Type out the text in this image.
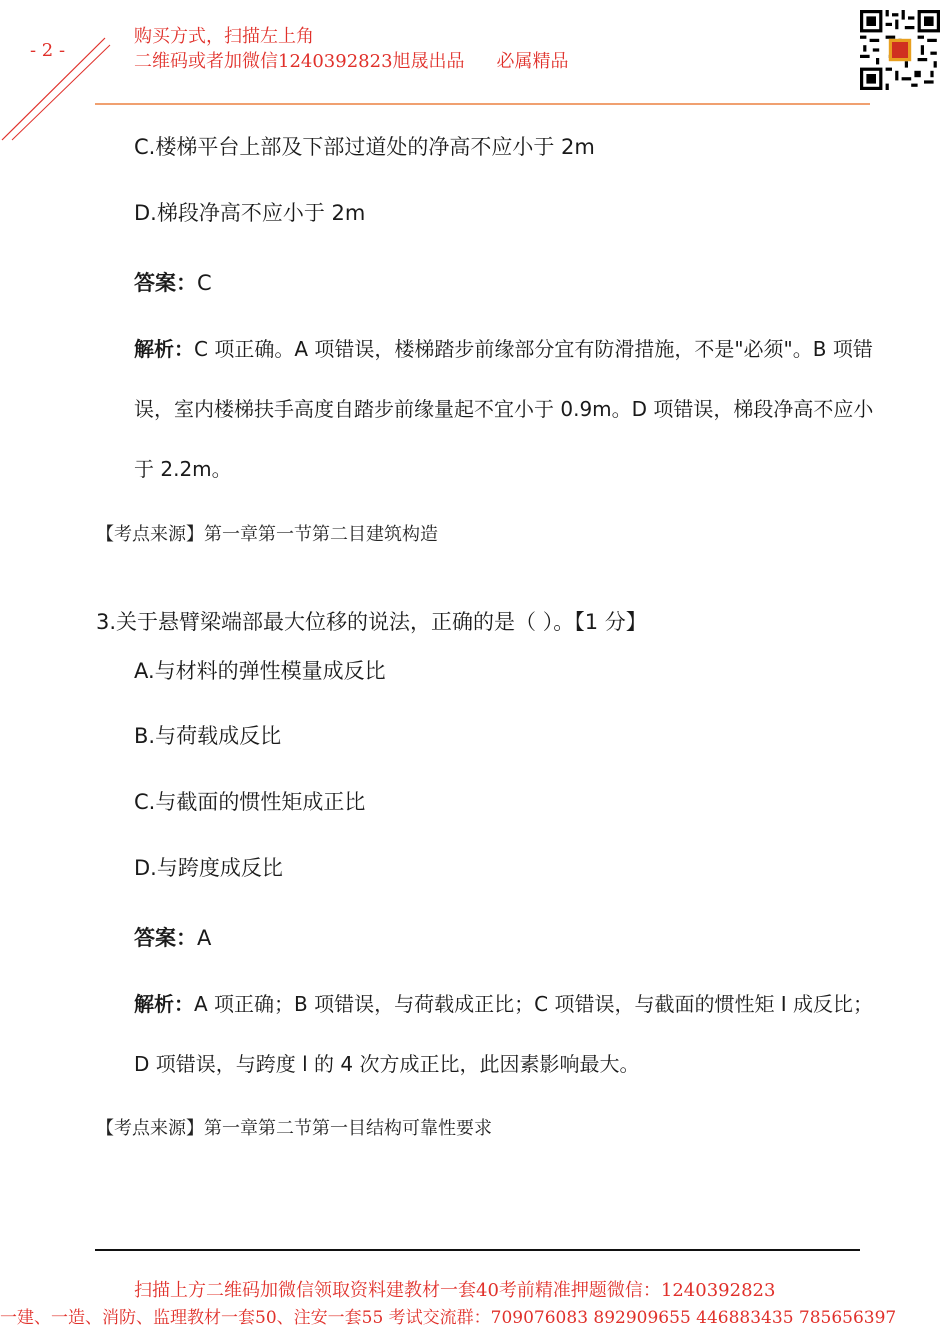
- 2 -
购买方式，扫描左上角
二维码或者加微信1240392823旭晟出品 必属精品
C.楼梯平台上部及下部过道处的净高不应小于 2m
D.梯段净高不应小于 2m
答案：C
解析：C 项正确。A 项错误，楼梯踏步前缘部分宜有防滑措施，不是"必须"。B 项错
误，室内楼梯扶手高度自踏步前缘量起不宜小于 0.9m。D 项错误，梯段净高不应小
于 2.2m。
【考点来源】第一章第一节第二目建筑构造
3.关于悬臂梁端部最大位移的说法，正确的是（ ）。【1 分】
A.与材料的弹性模量成反比
B.与荷载成反比
C.与截面的惯性矩成正比
D.与跨度成反比
答案：A
解析：A 项正确；B 项错误，与荷载成正比；C 项错误，与截面的惯性矩 I 成反比；
D 项错误，与跨度 l 的 4 次方成正比，此因素影响最大。
【考点来源】第一章第二节第一目结构可靠性要求
扫描上方二维码加微信领取资料建教材一套40考前精准押题微信：1240392823
一建、一造、消防、监理教材一套50、注安一套55 考试交流群：709076083 892909655 446883435 785656397
